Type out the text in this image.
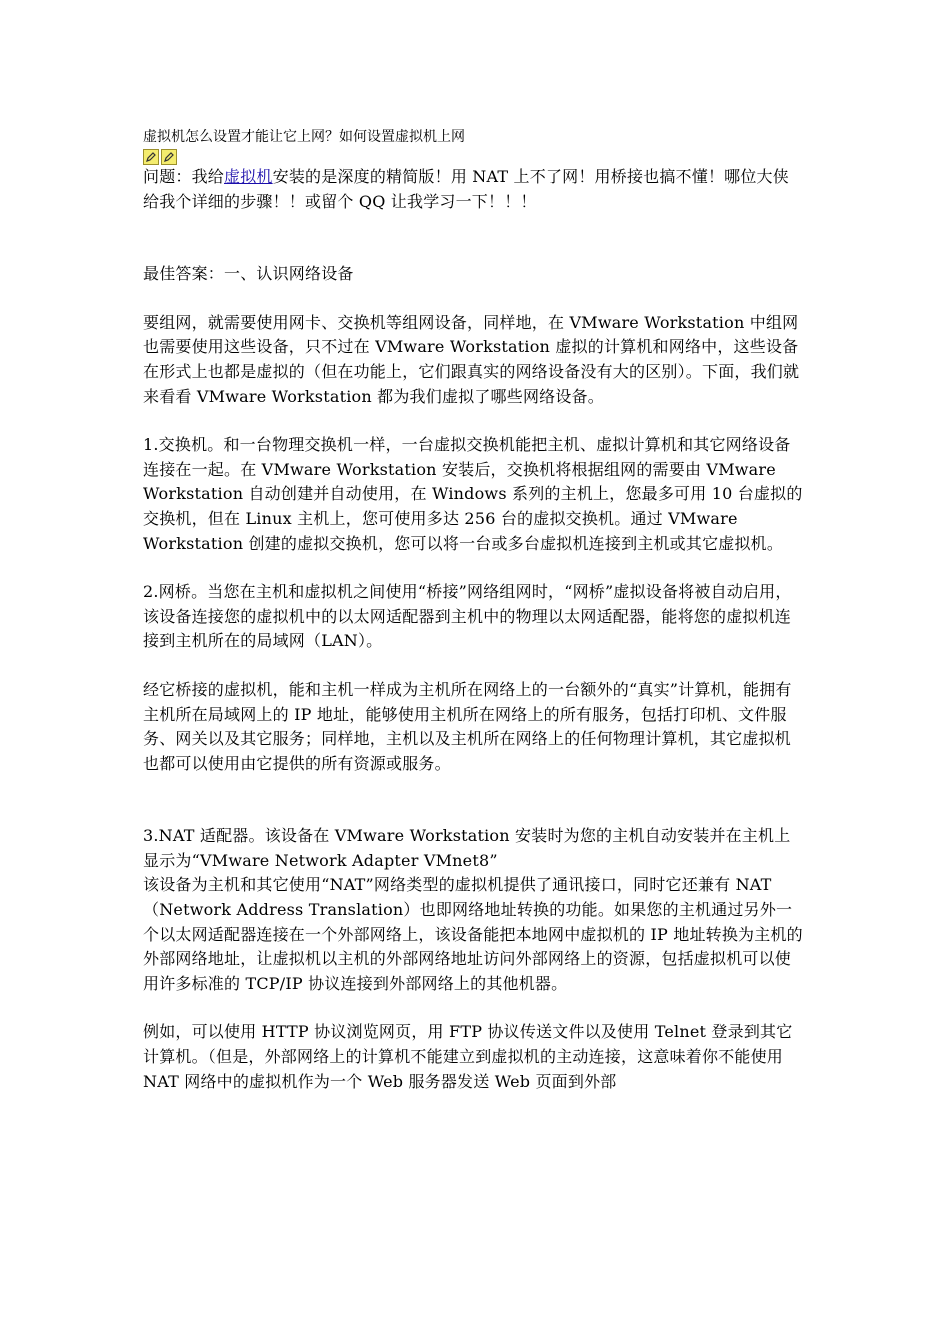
虚拟机怎么设置才能让它上网？如何设置虚拟机上网

问题：我给虚拟机安装的是深度的精简版！用 NAT 上不了网！用桥接也搞不懂！哪位大侠给我个详细的步骤！！或留个 QQ 让我学习一下！！！

最佳答案：一、认识网络设备

要组网，就需要使用网卡、交换机等组网设备，同样地，在 VMware Workstation 中组网也需要使用这些设备，只不过在 VMware Workstation 虚拟的计算机和网络中，这些设备在形式上也都是虚拟的（但在功能上，它们跟真实的网络设备没有大的区别）。下面，我们就来看看 VMware Workstation 都为我们虚拟了哪些网络设备。

1.交换机。和一台物理交换机一样，一台虚拟交换机能把主机、虚拟计算机和其它网络设备连接在一起。在 VMware Workstation 安装后，交换机将根据组网的需要由 VMware Workstation 自动创建并自动使用，在 Windows 系列的主机上，您最多可用 10 台虚拟的交换机，但在 Linux 主机上，您可使用多达 256 台的虚拟交换机。通过 VMware Workstation 创建的虚拟交换机，您可以将一台或多台虚拟机连接到主机或其它虚拟机。

2.网桥。当您在主机和虚拟机之间使用“桥接”网络组网时，“网桥”虚拟设备将被自动启用，该设备连接您的虚拟机中的以太网适配器到主机中的物理以太网适配器，能将您的虚拟机连接到主机所在的局域网（LAN）。

经它桥接的虚拟机，能和主机一样成为主机所在网络上的一台额外的“真实”计算机，能拥有主机所在局域网上的 IP 地址，能够使用主机所在网络上的所有服务，包括打印机、文件服务、网关以及其它服务；同样地，主机以及主机所在网络上的任何物理计算机，其它虚拟机也都可以使用由它提供的所有资源或服务。

3.NAT 适配器。该设备在 VMware Workstation 安装时为您的主机自动安装并在主机上显示为“VMware Network Adapter VMnet8”

该设备为主机和其它使用“NAT”网络类型的虚拟机提供了通讯接口，同时它还兼有 NAT（Network Address Translation）也即网络地址转换的功能。如果您的主机通过另外一个以太网适配器连接在一个外部网络上，该设备能把本地网中虚拟机的 IP 地址转换为主机的外部网络地址，让虚拟机以主机的外部网络地址访问外部网络上的资源，包括虚拟机可以使用许多标准的 TCP/IP 协议连接到外部网络上的其他机器。

例如，可以使用 HTTP 协议浏览网页，用 FTP 协议传送文件以及使用 Telnet 登录到其它计算机。（但是，外部网络上的计算机不能建立到虚拟机的主动连接，这意味着你不能使用 NAT 网络中的虚拟机作为一个 Web 服务器发送 Web 页面到外部
